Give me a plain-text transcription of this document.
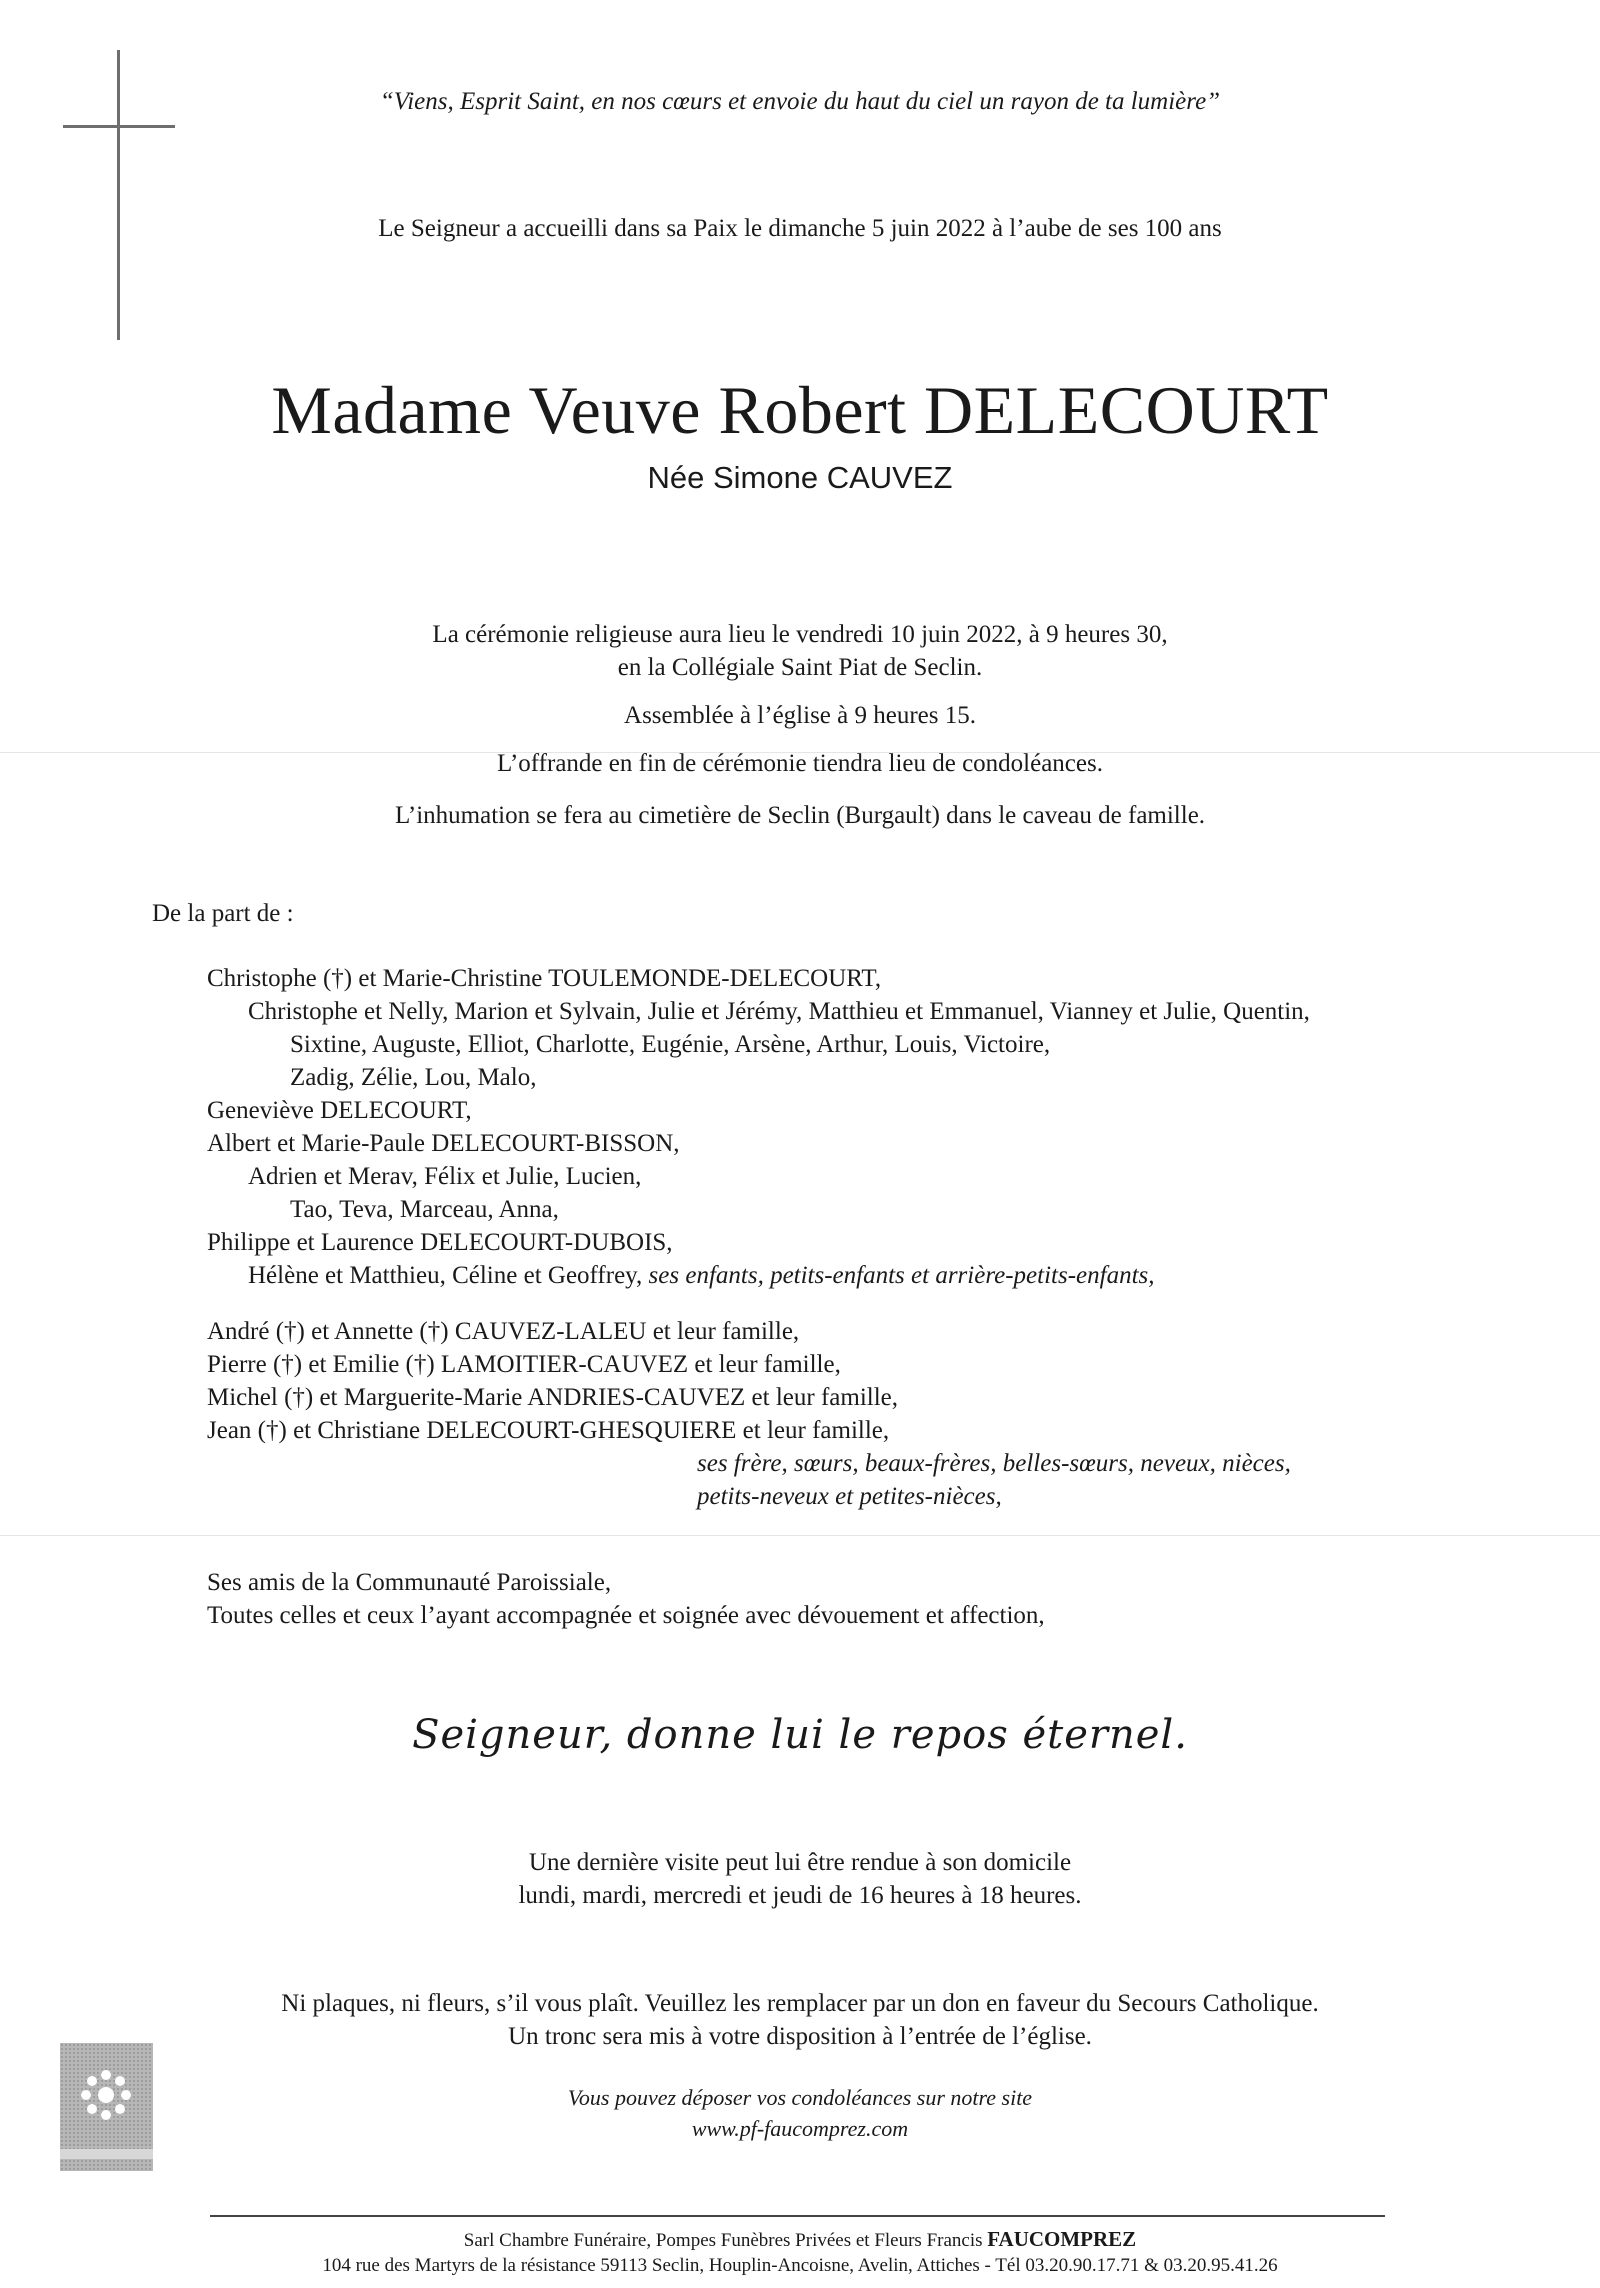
“Viens, Esprit Saint, en nos cœurs et envoie du haut du ciel un rayon de ta lumière”
Le Seigneur a accueilli dans sa Paix le dimanche 5 juin 2022 à l’aube de ses 100 ans
Madame Veuve Robert DELECOURT
Née Simone CAUVEZ
La cérémonie religieuse aura lieu le vendredi 10 juin 2022, à 9 heures 30,
en la Collégiale Saint Piat de Seclin.
Assemblée à l’église à 9 heures 15.
L’offrande en fin de cérémonie tiendra lieu de condoléances.
L’inhumation se fera au cimetière de Seclin (Burgault) dans le caveau de famille.
De la part de :
Christophe (†) et Marie-Christine TOULEMONDE-DELECOURT,
Christophe et Nelly, Marion et Sylvain, Julie et Jérémy, Matthieu et Emmanuel, Vianney et Julie, Quentin,
Sixtine, Auguste, Elliot, Charlotte, Eugénie, Arsène, Arthur, Louis, Victoire,
Zadig, Zélie, Lou, Malo,
Geneviève DELECOURT,
Albert et Marie-Paule DELECOURT-BISSON,
Adrien et Merav, Félix et Julie, Lucien,
Tao, Teva, Marceau, Anna,
Philippe et Laurence DELECOURT-DUBOIS,
Hélène et Matthieu, Céline et Geoffrey, ses enfants, petits-enfants et arrière-petits-enfants,
André (†) et Annette (†) CAUVEZ-LALEU et leur famille,
Pierre (†) et Emilie (†) LAMOITIER-CAUVEZ et leur famille,
Michel (†) et Marguerite-Marie ANDRIES-CAUVEZ et leur famille,
Jean (†) et Christiane DELECOURT-GHESQUIERE et leur famille,
ses frère, sœurs, beaux-frères, belles-sœurs, neveux, nièces,
petits-neveux et petites-nièces,
Ses amis de la Communauté Paroissiale,
Toutes celles et ceux l’ayant accompagnée et soignée avec dévouement et affection,
Seigneur, donne lui le repos éternel.
Une dernière visite peut lui être rendue à son domicile
lundi, mardi, mercredi et jeudi de 16 heures à 18 heures.
Ni plaques, ni fleurs, s’il vous plaît. Veuillez les remplacer par un don en faveur du Secours Catholique.
Un tronc sera mis à votre disposition à l’entrée de l’église.
Vous pouvez déposer vos condoléances sur notre site
www.pf-faucomprez.com
Sarl Chambre Funéraire, Pompes Funèbres Privées et Fleurs Francis FAUCOMPREZ
104 rue des Martyrs de la résistance 59113 Seclin, Houplin-Ancoisne, Avelin, Attiches - Tél 03.20.90.17.71 & 03.20.95.41.26
